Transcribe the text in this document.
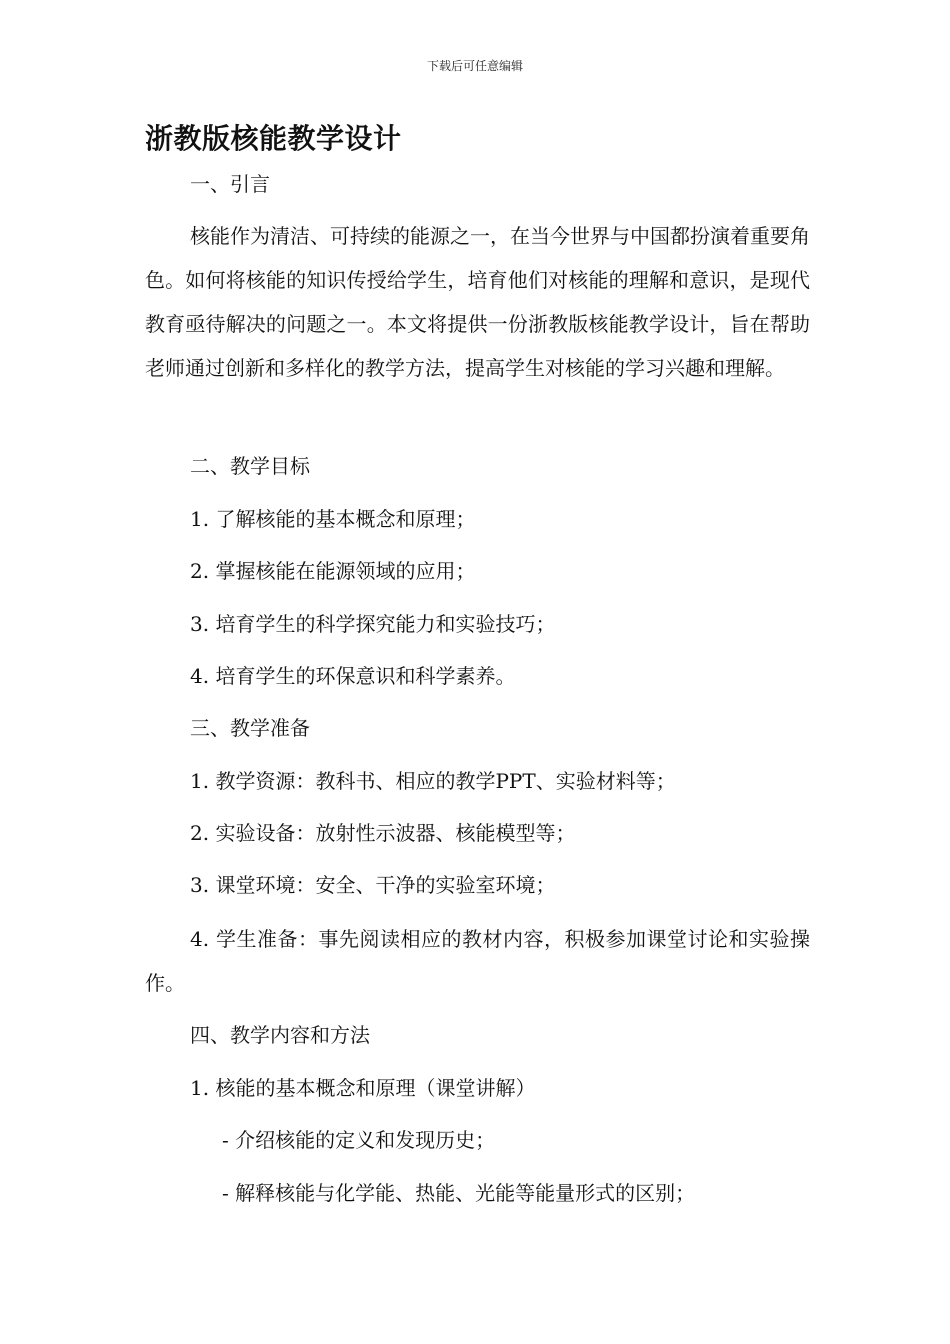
下载后可任意编辑
浙教版核能教学设计
一、引言
核能作为清洁、可持续的能源之一，在当今世界与中国都扮演着重要角色。如何将核能的知识传授给学生，培育他们对核能的理解和意识，是现代教育亟待解决的问题之一。本文将提供一份浙教版核能教学设计，旨在帮助老师通过创新和多样化的教学方法，提高学生对核能的学习兴趣和理解。
二、教学目标
1. 了解核能的基本概念和原理；
2. 掌握核能在能源领域的应用；
3. 培育学生的科学探究能力和实验技巧；
4. 培育学生的环保意识和科学素养。
三、教学准备
1. 教学资源：教科书、相应的教学PPT、实验材料等；
2. 实验设备：放射性示波器、核能模型等；
3. 课堂环境：安全、干净的实验室环境；
4. 学生准备：事先阅读相应的教材内容，积极参加课堂讨论和实验操作。
四、教学内容和方法
1. 核能的基本概念和原理（课堂讲解）
- 介绍核能的定义和发现历史；
- 解释核能与化学能、热能、光能等能量形式的区别；
